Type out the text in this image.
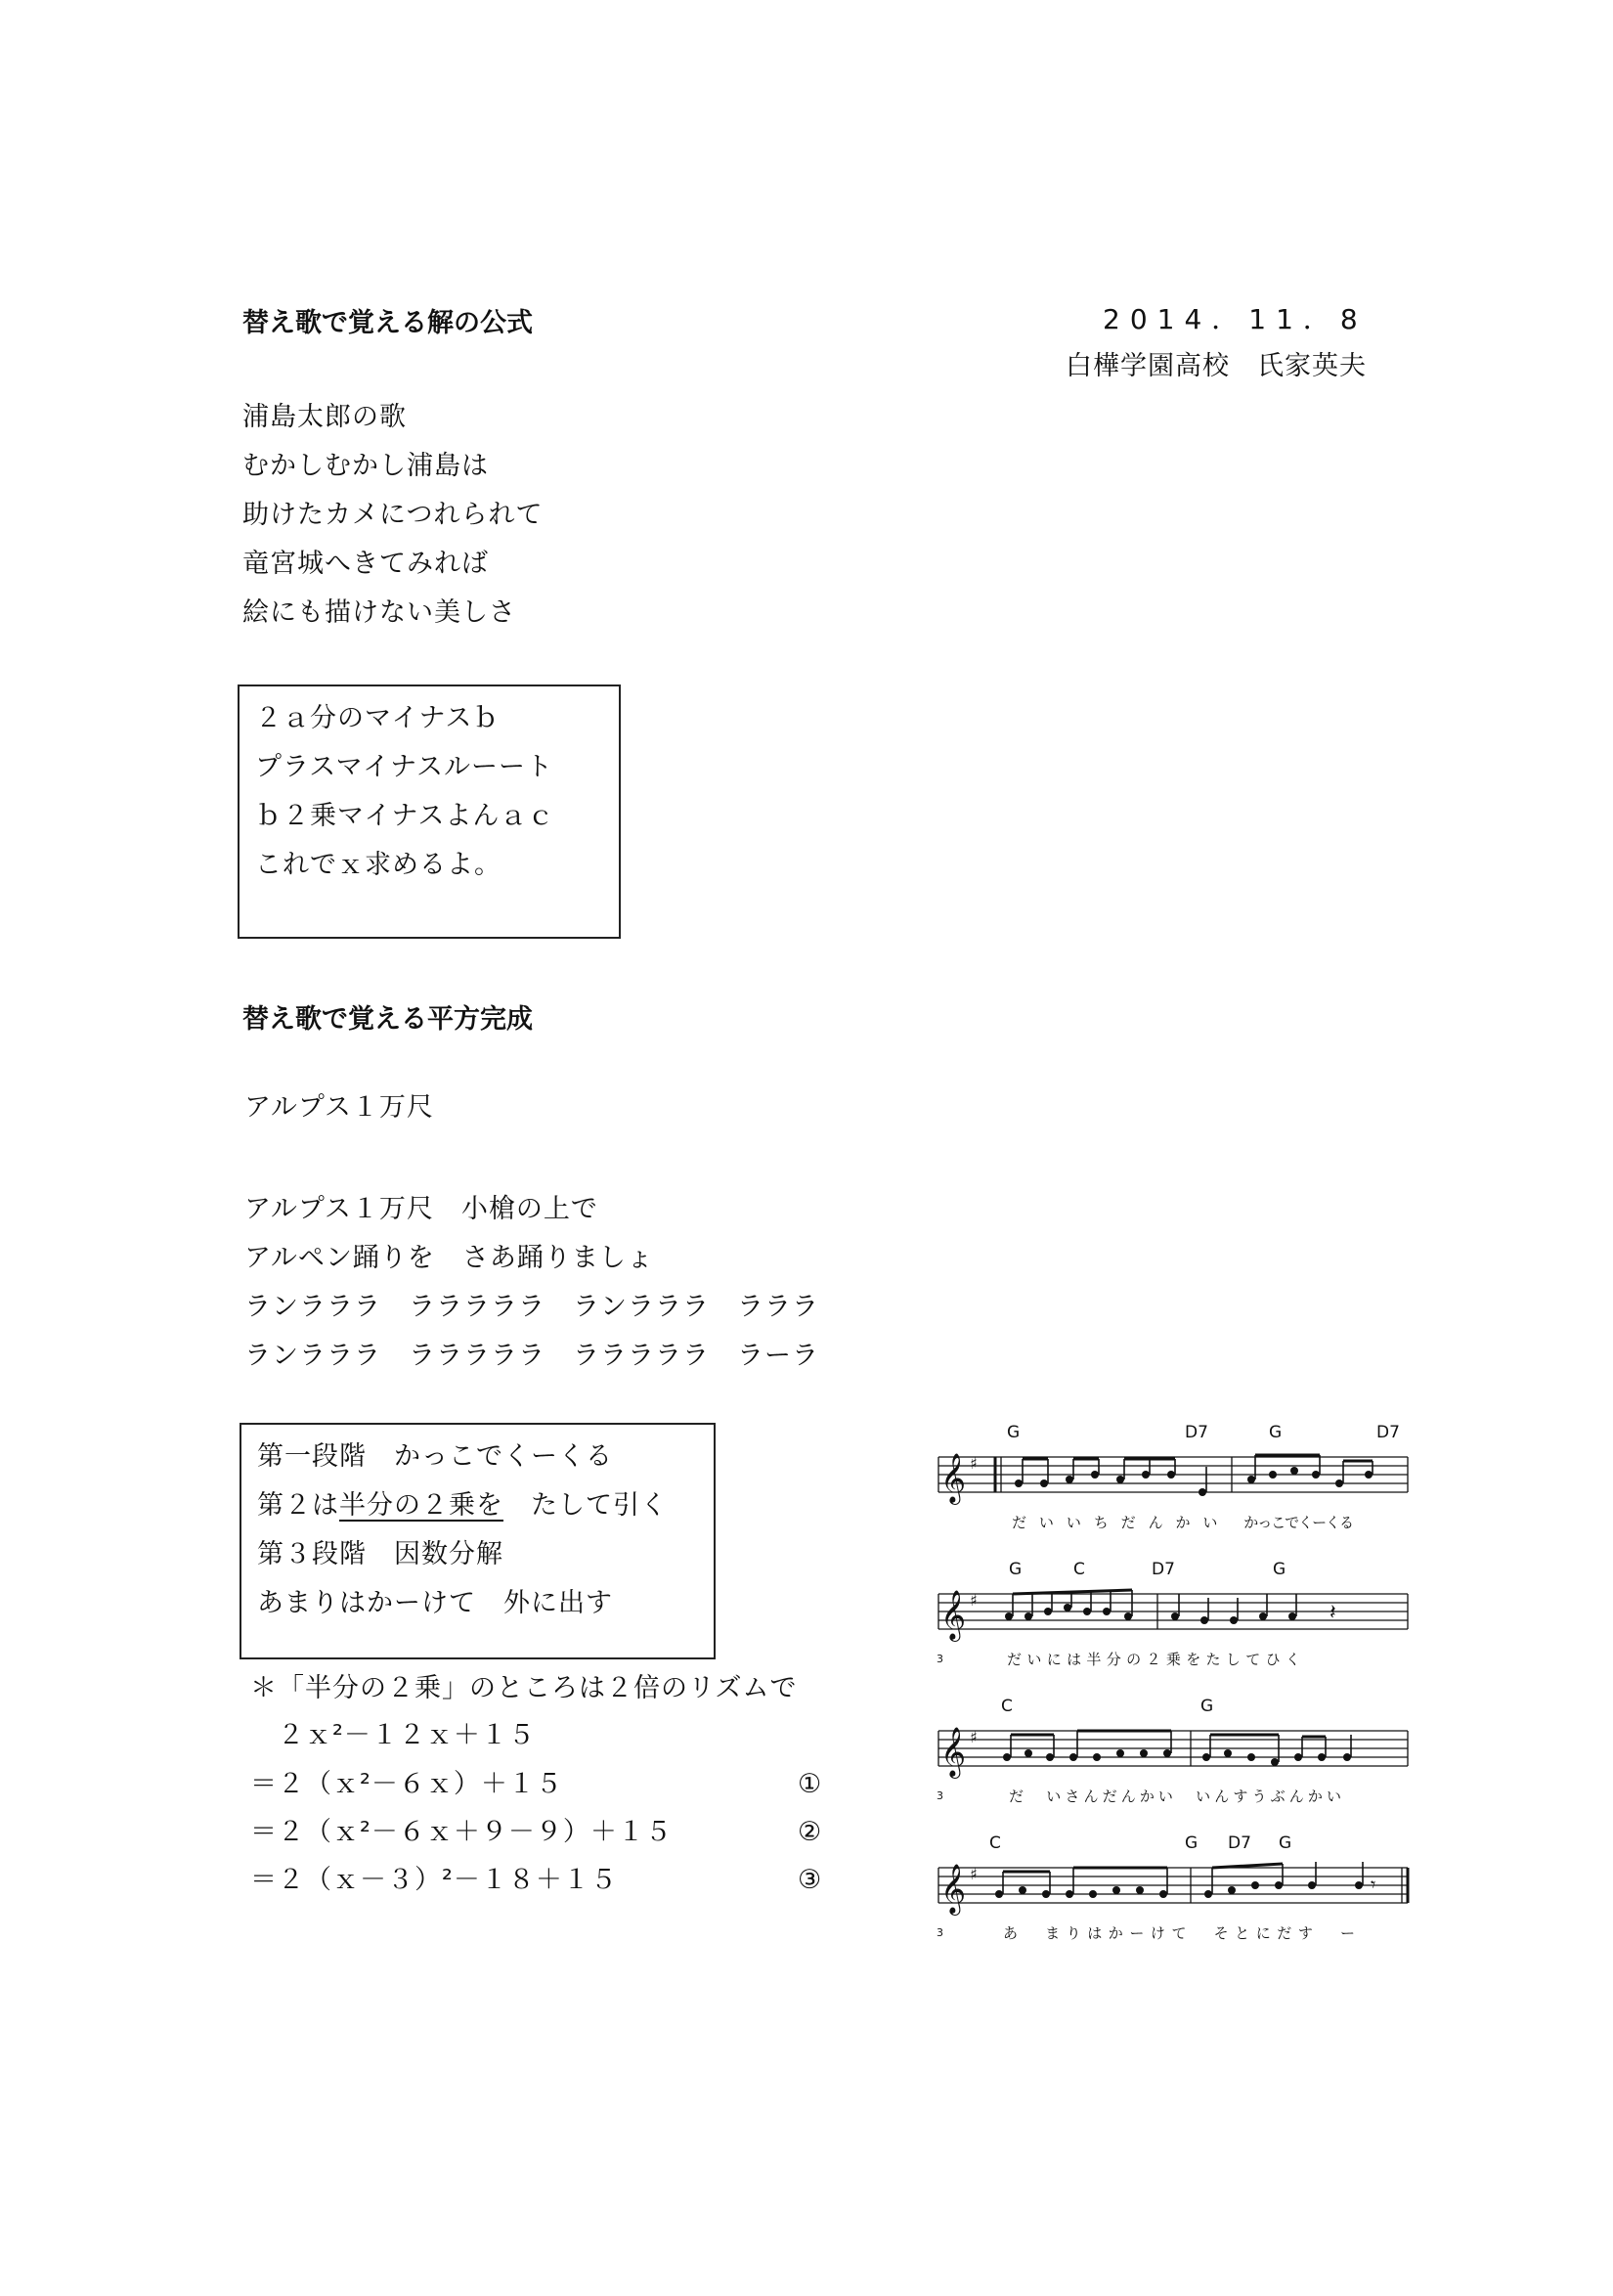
替え歌で覚える解の公式	2014．11．8
白樺学園高校　氏家英夫
浦島太郎の歌
むかしむかし浦島は
助けたカメにつれられて
竜宮城へきてみれば
絵にも描けない美しさ
２ａ分のマイナスｂ
プラスマイナスルーート
ｂ２乗マイナスよんａｃ
これでｘ求めるよ。
替え歌で覚える平方完成
アルプス１万尺
アルプス１万尺　小槍の上で
アルペン踊りを　さあ踊りましょ
ランラララ　ラララララ　ランラララ　ラララ
ランラララ　ラララララ　ラララララ　ラーラ
第一段階　かっこでくーくる
第２は半分の２乗を　たして引く
第３段階　因数分解
あまりはかーけて　外に出す
＊「半分の２乗」のところは２倍のリズムで
２ｘ²－１２ｘ＋１５
＝２（ｘ²－６ｘ）＋１５	①
＝２（ｘ²－６ｘ＋９－９）＋１５	②
＝２（ｘ－３）²－１８＋１５	③
G	D7	G	D7
𝄞 ♯
だ　い　い　ち　だ　ん　か　い　　かっこでくーくる
G	C	D7	G
𝄞 ♯
3
𝄽
だいには半分の２乗をたしてひく
C	G
𝄞 ♯
3	だ　いさんだんかい　いんすうぶんかい
C	G D7 G
𝄞 ♯
3
𝄾
あ　まりはかーけて　そとにだす　ー
